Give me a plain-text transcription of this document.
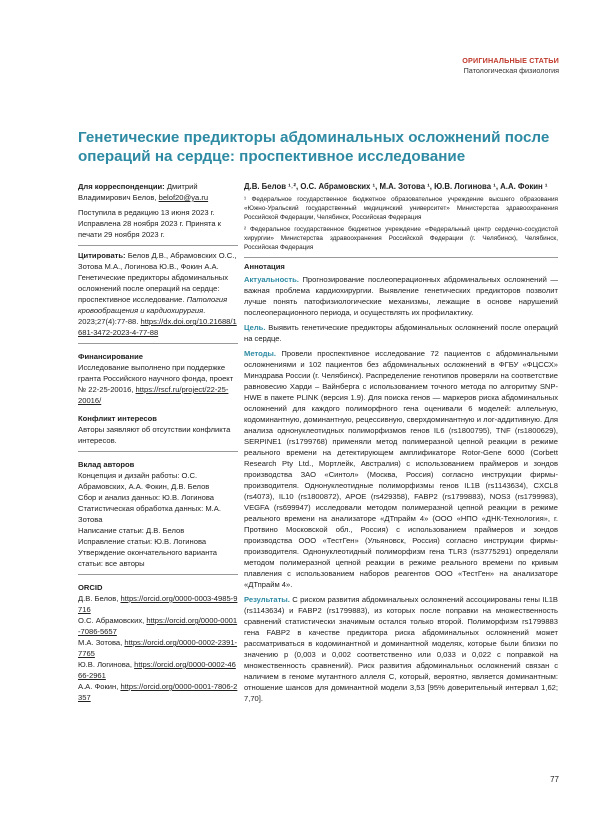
ОРИГИНАЛЬНЫЕ СТАТЬИ
Патологическая физиология
Генетические предикторы абдоминальных осложнений после операций на сердце: проспективное исследование

Для корреспонденции: Дмитрий Владимирович Белов, belof20@ya.ru

Поступила в редакцию 13 июня 2023 г. Исправлена 28 ноября 2023 г. Принята к печати 29 ноября 2023 г.

Цитировать: Белов Д.В., Абрамовских О.С., Зотова М.А., Логинова Ю.В., Фокин А.А. Генетические предикторы абдоминальных осложнений после операций на сердце: проспективное исследование. Патология кровообращения и кардиохирургия. 2023;27(4):77-88. https://dx.doi.org/10.21688/1681-3472-2023-4-77-88

Финансирование

Исследование выполнено при поддержке гранта Российского научного фонда, проект № 22-25-20016, https://rscf.ru/project/22-25-20016/

Конфликт интересов

Авторы заявляют об отсутствии конфликта интересов.

Вклад авторов

Концепция и дизайн работы: О.С. Абрамовских, А.А. Фокин, Д.В. Белов

Сбор и анализ данных: Ю.В. Логинова

Статистическая обработка данных: М.А. Зотова

Написание статьи: Д.В. Белов

Исправление статьи: Ю.В. Логинова

Утверждение окончательного варианта статьи: все авторы

ORCID

Д.В. Белов, https://orcid.org/0000-0003-4985-9716

О.С. Абрамовских, https://orcid.org/0000-0001-7086-5657

М.А. Зотова, https://orcid.org/0000-0002-2391-7765

Ю.В. Логинова, https://orcid.org/0000-0002-4666-2961

А.А. Фокин, https://orcid.org/0000-0001-7806-2357

Д.В. Белов ¹˒², О.С. Абрамовских ¹, М.А. Зотова ¹, Ю.В. Логинова ¹, А.А. Фокин ¹

¹ Федеральное государственное бюджетное образовательное учреждение высшего образования «Южно-Уральский государственный медицинский университет» Министерства здравоохранения Российской Федерации, Челябинск, Российская Федерация

² Федеральное государственное бюджетное учреждение «Федеральный центр сердечно-сосудистой хирургии» Министерства здравоохранения Российской Федерации (г. Челябинск), Челябинск, Российская Федерация

Аннотация

Актуальность. Прогнозирование послеоперационных абдоминальных осложнений — важная проблема кардиохирургии. Выявление генетических предикторов позволит лучше понять патофизиологические механизмы, лежащие в основе нарушений послеоперационного периода, и осуществлять их профилактику.

Цель. Выявить генетические предикторы абдоминальных осложнений после операций на сердце.

Методы. Провели проспективное исследование 72 пациентов с абдоминальными осложнениями и 102 пациентов без абдоминальных осложнений в ФГБУ «ФЦССХ» Минздрава России (г. Челябинск). Распределение генотипов проверяли на соответствие равновесию Харди – Вайнберга с использованием точного метода по алгоритму SNP-HWE в пакете PLINK (версия 1.9). Для поиска генов — маркеров риска абдоминальных осложнений для каждого полиморфного гена оценивали 6 моделей: аллельную, кодоминантную, доминантную, рецессивную, сверхдоминантную и лог-аддитивную. Для анализа однонуклеотидных полиморфизмов генов IL6 (rs1800795), TNF (rs1800629), SERPINE1 (rs1799768) применяли метод полимеразной цепной реакции в режиме реального времени на детектирующем амплификаторе Rotor-Gene 6000 (Corbett Research Pty Ltd., Мортлейк, Австралия) с использованием праймеров и зондов производства ЗАО «Синтол» (Москва, Россия) согласно инструкции фирмы-производителя. Однонуклеотидные полиморфизмы генов IL1B (rs1143634), CXCL8 (rs4073), IL10 (rs1800872), APOE (rs429358), FABP2 (rs1799883), NOS3 (rs1799983), VEGFA (rs699947) исследовали методом полимеразной цепной реакции в режиме реального времени на анализаторе «ДТпрайм 4» (ООО «НПО «ДНК-Технология», г. Протвино Московской обл., Россия) с использованием праймеров и зондов производства ООО «ТестГен» (Ульяновск, Россия) согласно инструкции фирмы-производителя. Однонуклеотидный полиморфизм гена TLR3 (rs3775291) определяли методом полимеразной цепной реакции в режиме реального времени по кривым плавления с использованием наборов реагентов ООО «ТестГен» на анализаторе «ДТпрайм 4».

Результаты. С риском развития абдоминальных осложнений ассоциированы гены IL1B (rs1143634) и FABP2 (rs1799883), из которых после поправки на множественность сравнений статистически значимым остался только второй. Полиморфизм rs1799883 гена FABP2 в качестве предиктора риска абдоминальных осложнений может рассматриваться в кодоминантной и доминантной моделях, которые были близки по значению p (0,003 и 0,002 соответственно или 0,033 и 0,022 с поправкой на множественность сравнений). Риск развития абдоминальных осложнений связан с наличием в геноме мутантного аллеля C, который, вероятно, является доминантным: отношение шансов для доминантной модели 3,53 [95% доверительный интервал 1,62; 7,70].

77
